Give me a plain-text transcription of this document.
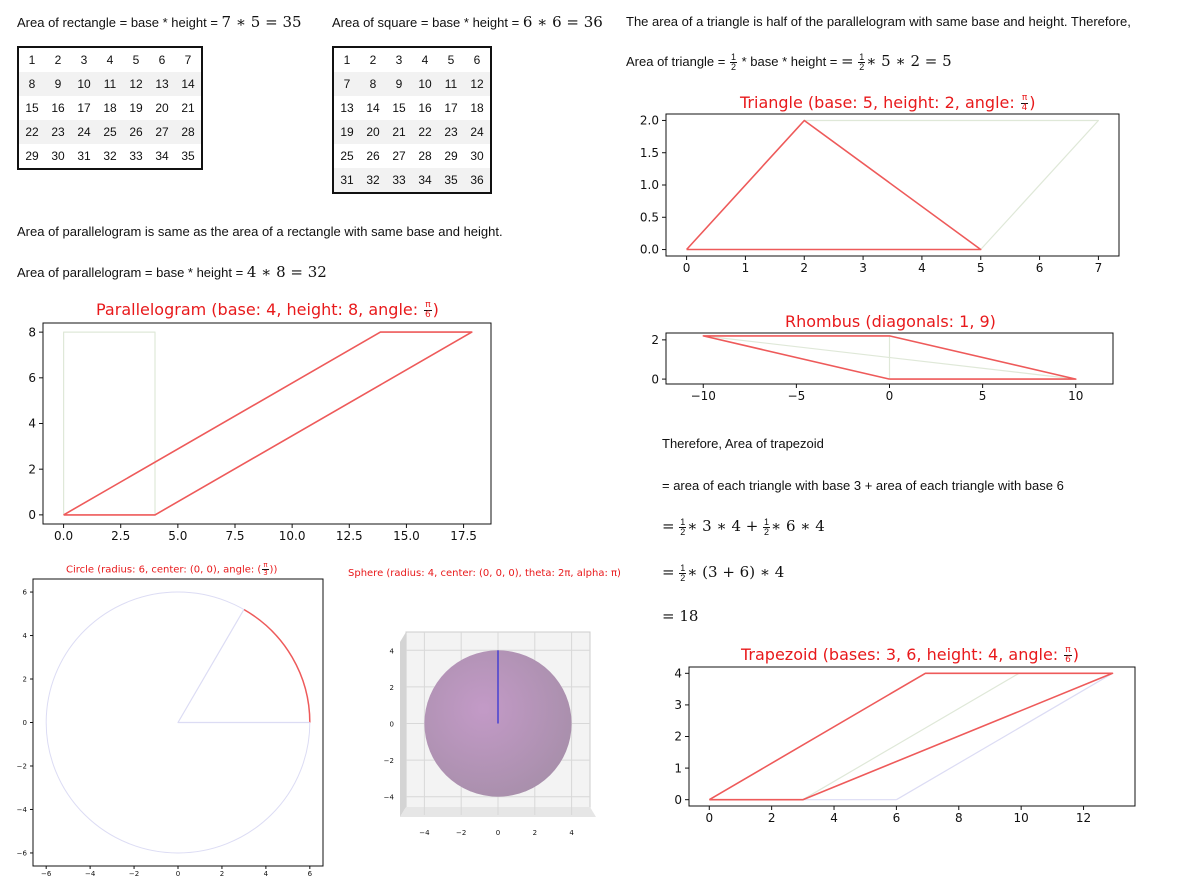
Area of rectangle = base * height = 7 ∗ 5 = 35
1	2	3	4	5	6	7
8	9	10	11	12	13	14
15	16	17	18	19	20	21
22	23	24	25	26	27	28
29	30	31	32	33	34	35
Area of square = base * height = 6 ∗ 6 = 36
1	2	3	4	5	6
7	8	9	10	11	12
13	14	15	16	17	18
19	20	21	22	23	24
25	26	27	28	29	30
31	32	33	34	35	36
The area of a triangle is half of the parallelogram with same base and height. Therefore,
Area of triangle = $\frac{1}{2}$ * base * height = = $\frac{1}{2}$ ∗ 5 ∗ 2 = 5
Area of parallelogram is same as the area of a rectangle with same base and height.
Area of parallelogram = base * height = 4 ∗ 8 = 32
Therefore, Area of trapezoid
= area of each triangle with base 3 + area of each triangle with base 6
= $\frac{1}{2}$ ∗ 3 ∗ $4 + \frac{1}{2}$ ∗ 6 ∗ 4
= $\frac{1}{2}$ ∗ (3 + 6) ∗ 4
= 18
Triangle (base: 5, height: 2, angle: $\frac{\pi}{4}$ )
Parallelogram (base: 4, height: 8, angle: $\frac{\pi}{6}$ )
Rhombus (diagonals: 1, 9)
Circle (radius: 6, center: (0, 0), angle: ( $\frac{\pi}{3}$ ))	Sphere (radius: 4, center: (0, 0, 0), theta: 2π, alpha: π)
Trapezoid (bases: 3, 6, height: 4, angle: $\frac{\pi}{6}$ )
0	1	2	3	4	5	6	7
0.0
0.5
1.0
1.5
2.0
0.0	2.5	5.0	7.5	10.0	12.5	15.0	17.5
0
2
4
6
8
−10	−5	0	5	10
0
2
−6	−4	−2	0	2	4	6
−6
−4
−2
0
2
4
6
−4	−2	0	2	4
−4
−2
0
2
4
0	2	4	6	8	10	12
0
1
2
3
4
